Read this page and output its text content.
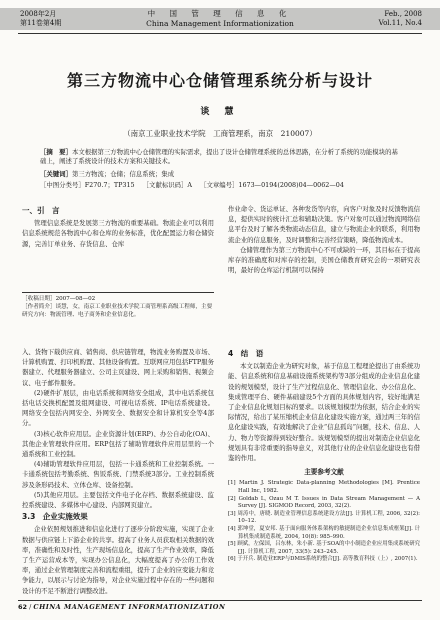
2008年2月
第11卷第4期
中 国 管 理 信 息 化
China Management Informationization
Feb., 2008
Vol.11, No.4
第三方物流中心仓储管理系统分析与设计
谈 慧
（南京工业职业技术学院　工商管理系，南京　210007）
［摘　要］本文根据第三方物流中心仓储管理的实际需求，提出了设计仓储管理系统的总体思路，在分析了系统的功能模块的基础上，阐述了系统设计的技术方案和关键技术。
［关键词］第三方物流；仓储；信息系统；集成
［中图分类号］F270.7；TP315 ［文献标识码］A ［文章编号］1673—0194(2008)04—0062—04
一、引　言

管理信息系统是发展第三方物流的重要基础。物流企业可以利用信息系统规范各物流中心和仓库的业务标准，优化配置运力和仓储资源，完善订单业务、存货信息、仓库

作业命令、货运单证、各种发货等内容，向客户对象及时反馈物流信息，提供实时的统计汇总和辅助决策。客户对象可以通过物流网络信息平台及时了解各类物流动态信息，建立与物流企业的联系，利用物流企业的信息服务，及时调整和完善经营策略，降低物流成本。

仓储管理作为第三方物流中心不可或缺的一环，其目标在于提高库存的准确度和对库存的控制，美国仓储教育研究会的一项研究表明，最好的仓库运行机制可以保持

［收稿日期］2007—08—02
［作者简介］谈慧，女，南京工业职业技术学院工商管理系高级工程师，主要研究方向：物流管理、电子商务和企业信息化。

入、货物下载供应商、销售商、供应链管理，物流业务购置及市场、计算机购置、打印机购置、其他设备购置。互联网应用包括FTP服务器建立、代理服务器建立、公司主页建设、网上采购和销售、视频会议、电子邮件服务。

(2)硬件扩展层，由电话系统和网络安全组成，其中电话系统包括电话交换机配置及组网建设、可视电话系统、IP电话系统建设。网络安全包括内网安全、外网安全、数据安全和计算机安全等4部分。

(3)核心软件应用层。企业资源计划(ERP)、办公自动化(OA)、其他企业管理软件应用。ERP包括了辅助管理软件应用层里的一个通系统和工业控制。

(4)辅助管理软件应用层，包括一卡通系统和工业控制系统。一卡通系统包括考勤系统、售饭系统、门禁系统3部分。工业控制系统涉及条形码技术、立体仓库、设备控制。

(5)其他应用层。主要包括文件电子化存档、数据系统建设、监控系统建设、多媒体中心建设、内部网页建立。

3.3　企业实施效果

企业依照规划推进和信息化进行了逐步分阶段实施，实现了企业数据与供应链上下游企业的共享。提高了业务人员获取相关数据的效率，准确性和及时性，生产现场信息化，提高了生产作业效率，降低了生产运营成本等，实现办公信息化，大幅度提高了办公的工作效率，通过企业管理制度完善和流程重组，提升了企业的应变能力和竞争能力，以展示与讨论为指导，对企业实施过程中存在的一些问题和设计的不足不断进行调整改进。

4　结　语

本文以制造企业为研究对象，基于信息工程理论提出了由系统功能、信息系统和信息基础设施系统架构等3部分组成的企业信息化建设的规划模型，设计了生产过程信息化、管理信息化、办公信息化、集成管理平台、硬件基础建设5个方面的具体规划内容，较好地满足了企业信息化规划目标的要求。以该规划模型为依据，结合企业的实际情况，给出了某压缩机企业信息化建设实施方案，通过两三年的信息化建设实践，有效地解决了企业“信息孤岛”问题，技术、信息、人力、物力等资源得到较好整合。该规划模型的提出对制造企业信息化规划具有非常重要的指导意义，对其他行业的企业信息化建设也有借鉴的作用。

主要参考文献
[1] Martin J. Strategic Data-planning Methodologies [M]. Prentice Hall Inc, 1982.
[2] Goldab L, Ozau M T. Issues in Data Stream Management — A Survey [J]. SIGMOD Record, 2003, 32(2).
[3] 周涛中，唐晓. 制造业管理信息系统建设方法[J]. 计算机工程, 2006, 32(2): 10–12.
[4] 郭坤堂，夏安邦. 基于面向服务体系架构的敏捷制造企业信息集成框架[J]. 计算机集成制造系统, 2004, 10(8): 985–990.
[5] 顾斌，左保国，吕东林，朱小新. 基于SOA的中小制造企业应用集成系统研究[J]. 计算机工程, 2007, 33(5): 243–245.
[6] 于开兵. 制造业ERP与DMIS系统的整合[J]. 高等教育科技（上）, 2007(1).
62 / CHINA MANAGEMENT INFORMATIONIZATION
